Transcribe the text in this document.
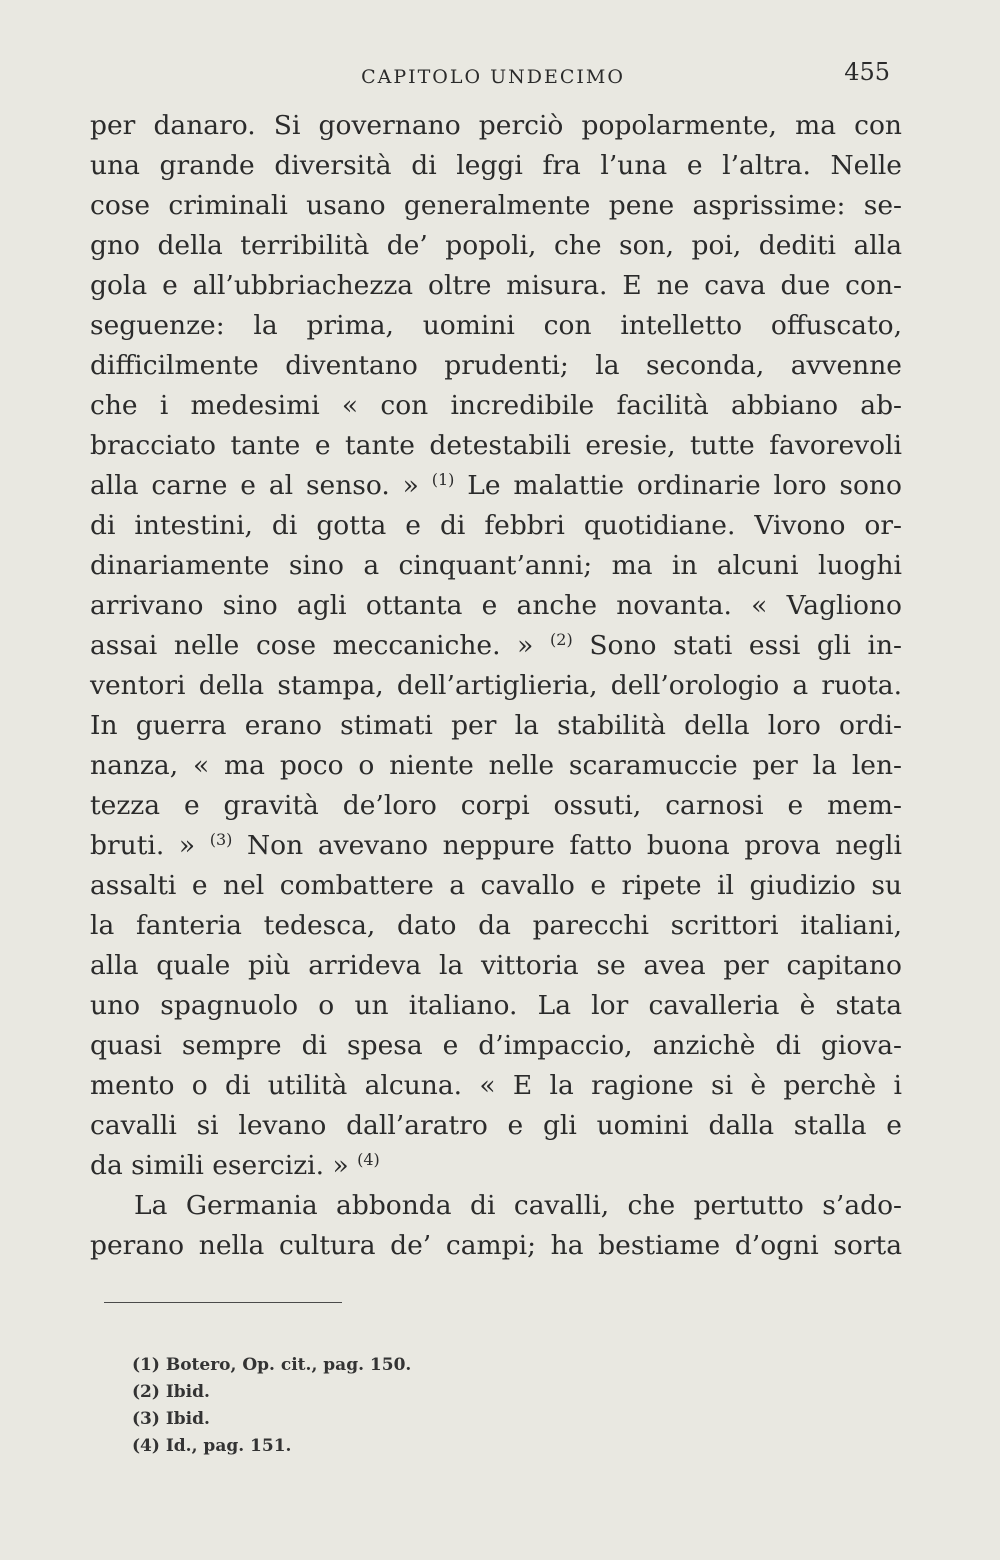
CAPITOLO UNDECIMO	455
per danaro. Si governano perciò popolarmente, ma con
una grande diversità di leggi fra l’una e l’altra. Nelle
cose criminali usano generalmente pene asprissime: se-
gno della terribilità de’ popoli, che son, poi, dediti alla
gola e all’ubbriachezza oltre misura. E ne cava due con-
seguenze: la prima, uomini con intelletto offuscato,
difficilmente diventano prudenti; la seconda, avvenne
che i medesimi « con incredibile facilità abbiano ab-
bracciato tante e tante detestabili eresie, tutte favorevoli
alla carne e al senso. » $^{(1)}$ Le malattie ordinarie loro sono
di intestini, di gotta e di febbri quotidiane. Vivono or-
dinariamente sino a cinquant’anni; ma in alcuni luoghi
arrivano sino agli ottanta e anche novanta. « Vagliono
assai nelle cose meccaniche. » $^{(2)}$ Sono stati essi gli in-
ventori della stampa, dell’artiglieria, dell’orologio a ruota.
In guerra erano stimati per la stabilità della loro ordi-
nanza, « ma poco o niente nelle scaramuccie per la len-
tezza e gravità de’loro corpi ossuti, carnosi e mem-
bruti. » $^{(3)}$ Non avevano neppure fatto buona prova negli
assalti e nel combattere a cavallo e ripete il giudizio su
la fanteria tedesca, dato da parecchi scrittori italiani,
alla quale più arrideva la vittoria se avea per capitano
uno spagnuolo o un italiano. La lor cavalleria è stata
quasi sempre di spesa e d’impaccio, anzichè di giova-
mento o di utilità alcuna. « E la ragione si è perchè i
cavalli si levano dall’aratro e gli uomini dalla stalla e
da simili esercizi. » $^{(4)}$
La Germania abbonda di cavalli, che pertutto s’ado-
perano nella cultura de’ campi; ha bestiame d’ogni sorta
(1) Botero, Op. cit., pag. 150.
(2) Ibid.
(3) Ibid.
(4) Id., pag. 151.
